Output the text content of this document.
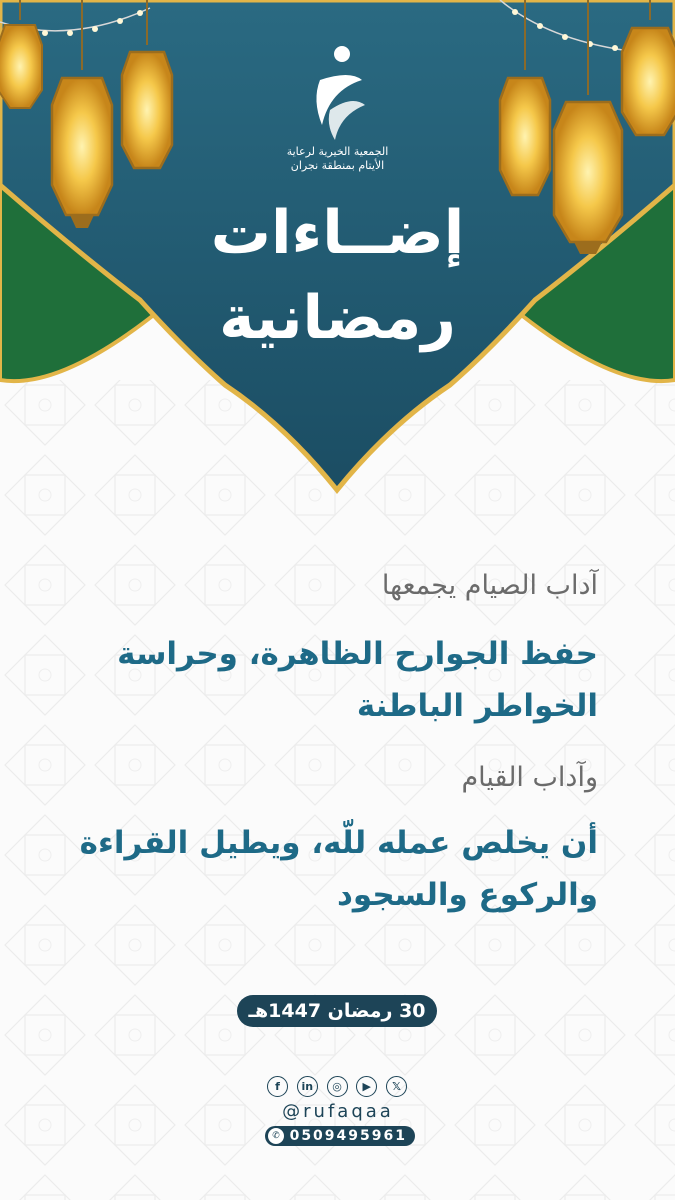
الجمعية الخيرية لرعاية
الأيتام بمنطقة نجران
إضــاءات
رمضانية
آداب الصيام يجمعها
حفظ الجوارح الظاهرة، وحراسة
الخواطر الباطنة
وآداب القيام
أن يخلص عمله للّه، ويطيل القراءة
والركوع والسجود
30 رمضان 1447هـ
f	in	◎	▶	𝕏
@rufaqaa
✆ 0509495961
